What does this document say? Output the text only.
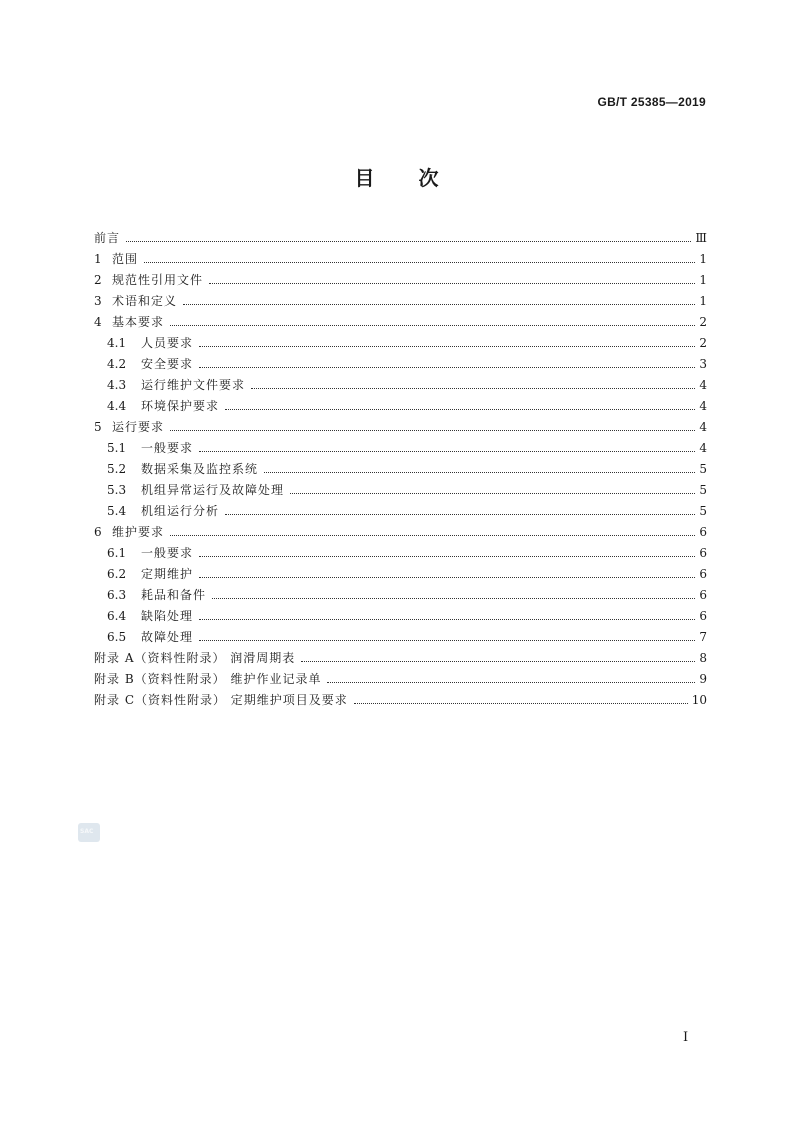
GB/T 25385—2019
目次
前言	Ⅲ
1 范围	1
2 规范性引用文件	1
3 术语和定义	1
4 基本要求	2
4.1	人员要求	2
4.2	安全要求	3
4.3	运行维护文件要求	4
4.4	环境保护要求	4
5 运行要求	4
5.1	一般要求	4
5.2	数据采集及监控系统	5
5.3	机组异常运行及故障处理	5
5.4	机组运行分析	5
6 维护要求	6
6.1	一般要求	6
6.2	定期维护	6
6.3	耗品和备件	6
6.4	缺陷处理	6
6.5	故障处理	7
附录 A（资料性附录） 润滑周期表	8
附录 B（资料性附录） 维护作业记录单	9
附录 C（资料性附录） 定期维护项目及要求	10
SAC
I
